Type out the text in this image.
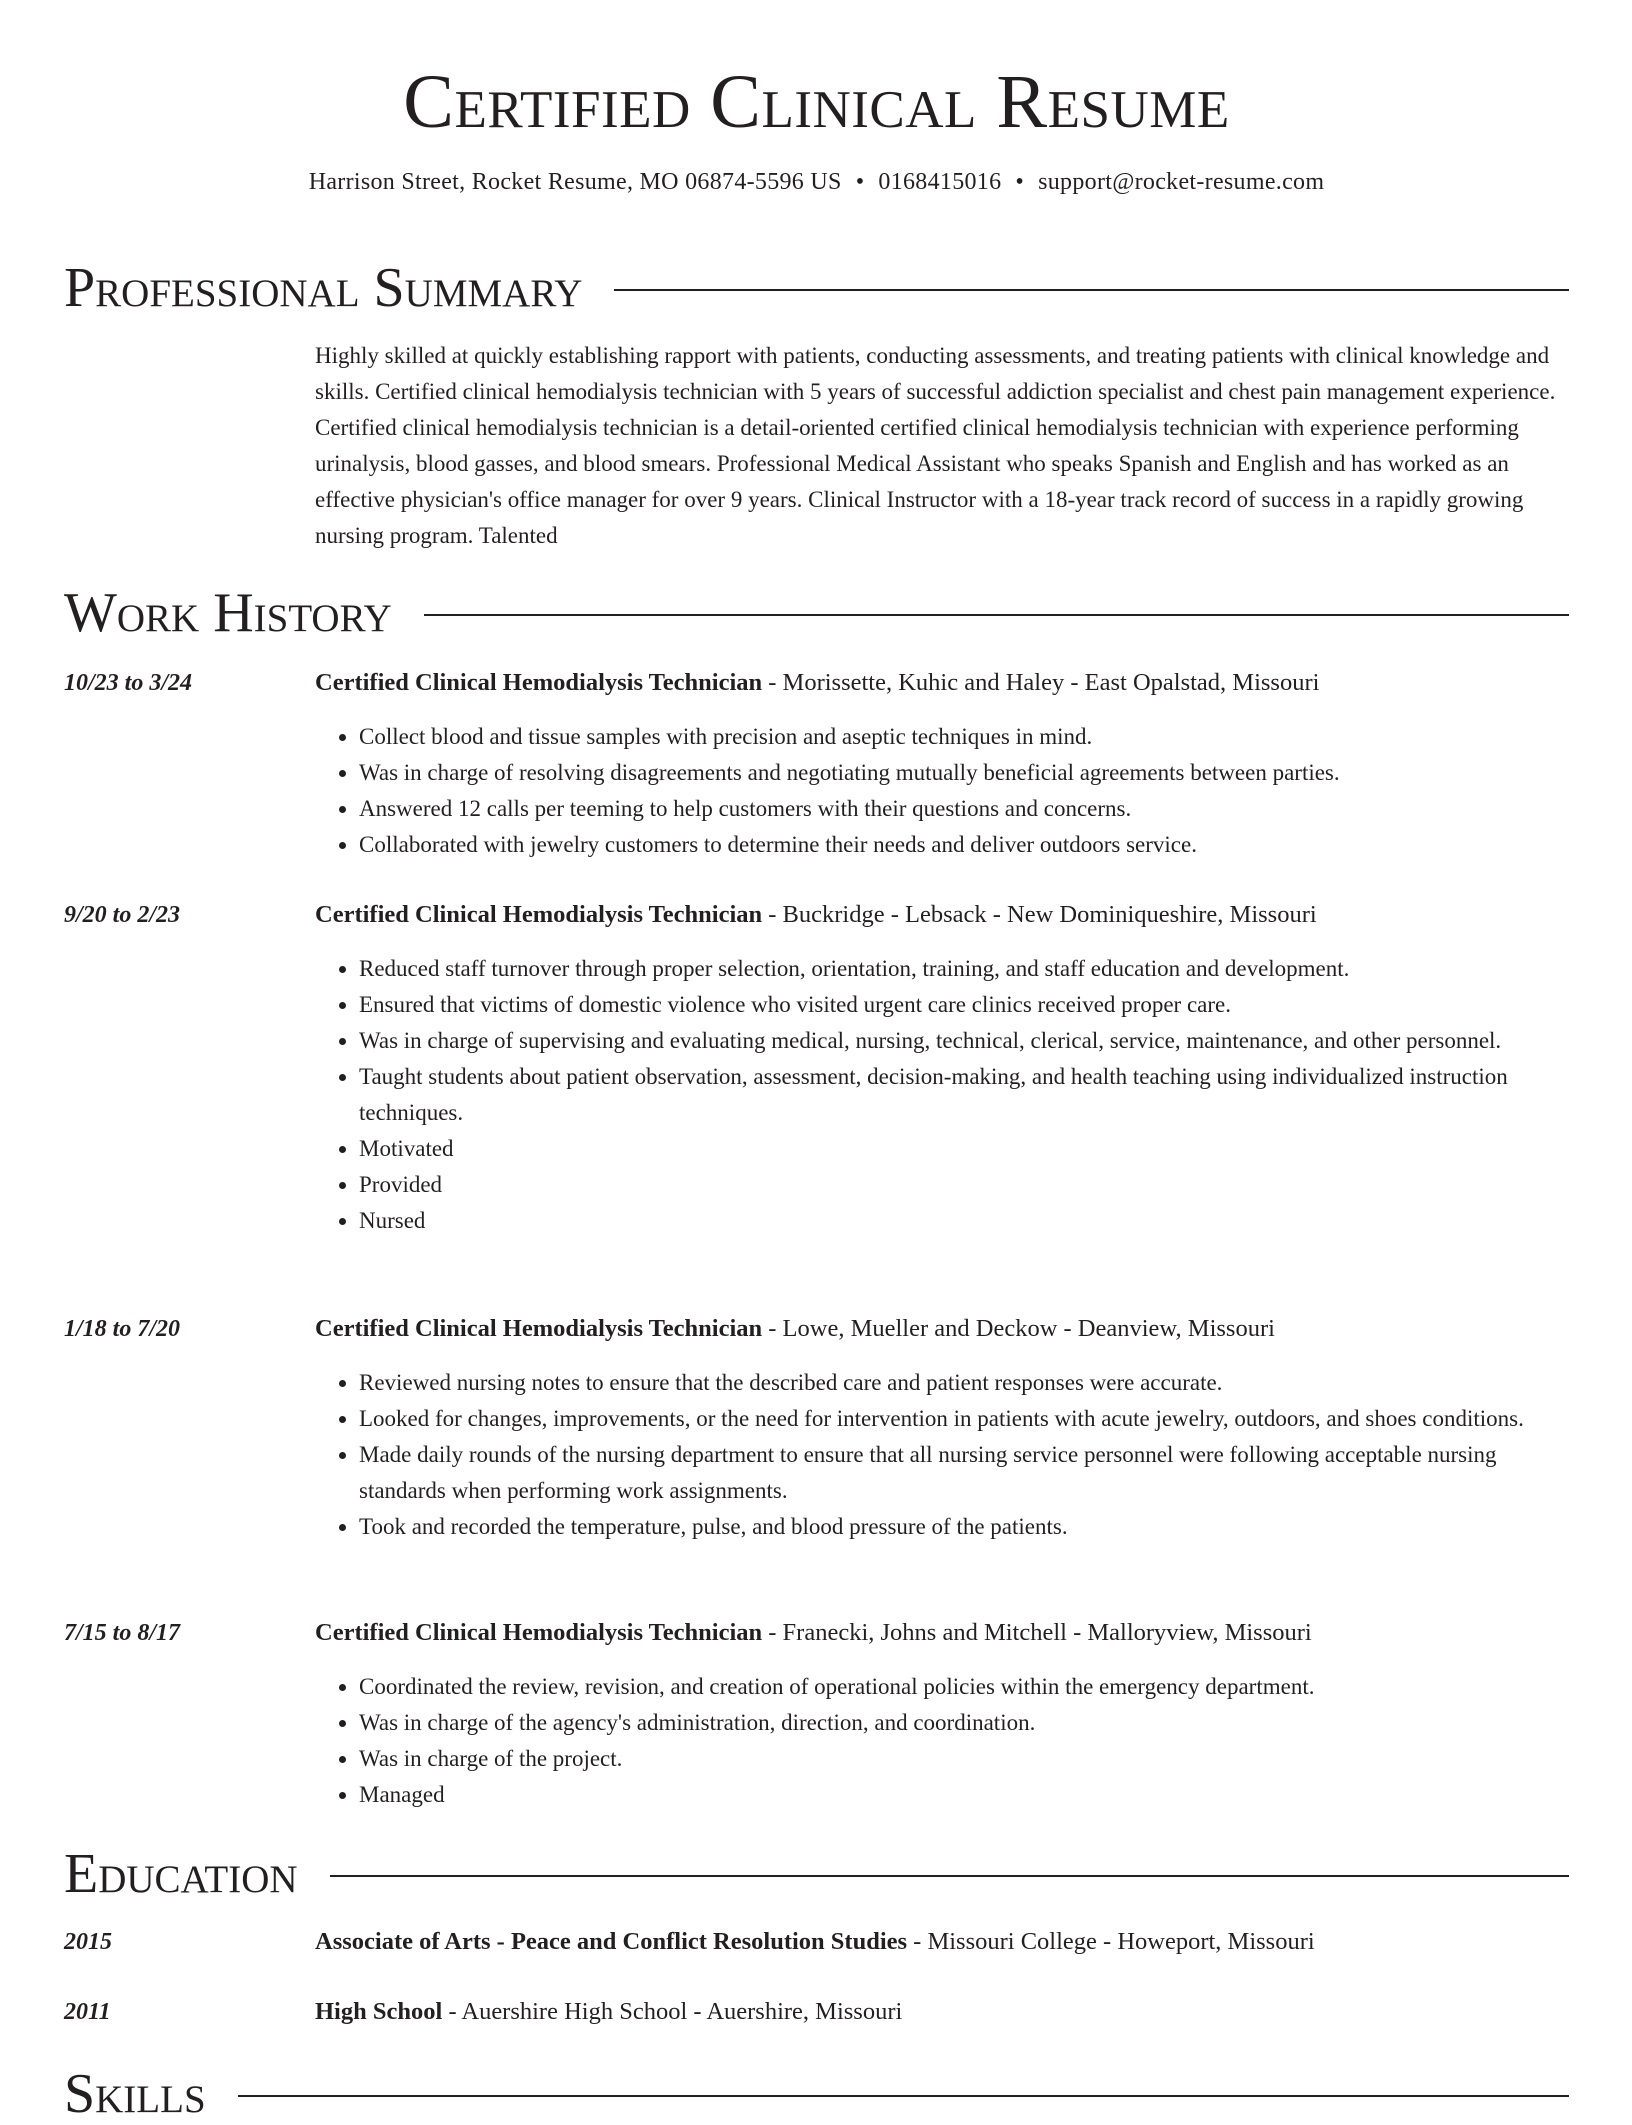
Certified Clinical Resume
Harrison Street, Rocket Resume, MO 06874-5596 US • 0168415016 • support@rocket-resume.com
Professional Summary

Highly skilled at quickly establishing rapport with patients, conducting assessments, and treating patients with clinical knowledge and skills. Certified clinical hemodialysis technician with 5 years of successful addiction specialist and chest pain management experience. Certified clinical hemodialysis technician is a detail-oriented certified clinical hemodialysis technician with experience performing urinalysis, blood gasses, and blood smears. Professional Medical Assistant who speaks Spanish and English and has worked as an effective physician's office manager for over 9 years. Clinical Instructor with a 18-year track record of success in a rapidly growing nursing program. Talented

Work History
10/23 to 3/24	Certified Clinical Hemodialysis Technician - Morissette, Kuhic and Haley - East Opalstad, Missouri
• Collect blood and tissue samples with precision and aseptic techniques in mind.
• Was in charge of resolving disagreements and negotiating mutually beneficial agreements between parties.
• Answered 12 calls per teeming to help customers with their questions and concerns.
• Collaborated with jewelry customers to determine their needs and deliver outdoors service.
9/20 to 2/23	Certified Clinical Hemodialysis Technician - Buckridge - Lebsack - New Dominiqueshire, Missouri
• Reduced staff turnover through proper selection, orientation, training, and staff education and development.
• Ensured that victims of domestic violence who visited urgent care clinics received proper care.
• Was in charge of supervising and evaluating medical, nursing, technical, clerical, service, maintenance, and other personnel.
• Taught students about patient observation, assessment, decision-making, and health teaching using individualized instruction techniques.
• Motivated
• Provided
• Nursed
1/18 to 7/20	Certified Clinical Hemodialysis Technician - Lowe, Mueller and Deckow - Deanview, Missouri
• Reviewed nursing notes to ensure that the described care and patient responses were accurate.
• Looked for changes, improvements, or the need for intervention in patients with acute jewelry, outdoors, and shoes conditions.
• Made daily rounds of the nursing department to ensure that all nursing service personnel were following acceptable nursing standards when performing work assignments.
• Took and recorded the temperature, pulse, and blood pressure of the patients.
7/15 to 8/17	Certified Clinical Hemodialysis Technician - Franecki, Johns and Mitchell - Malloryview, Missouri
• Coordinated the review, revision, and creation of operational policies within the emergency department.
• Was in charge of the agency's administration, direction, and coordination.
• Was in charge of the project.
• Managed
Education
2015	Associate of Arts - Peace and Conflict Resolution Studies - Missouri College - Howeport, Missouri
2011	High School - Auershire High School - Auershire, Missouri
Skills
